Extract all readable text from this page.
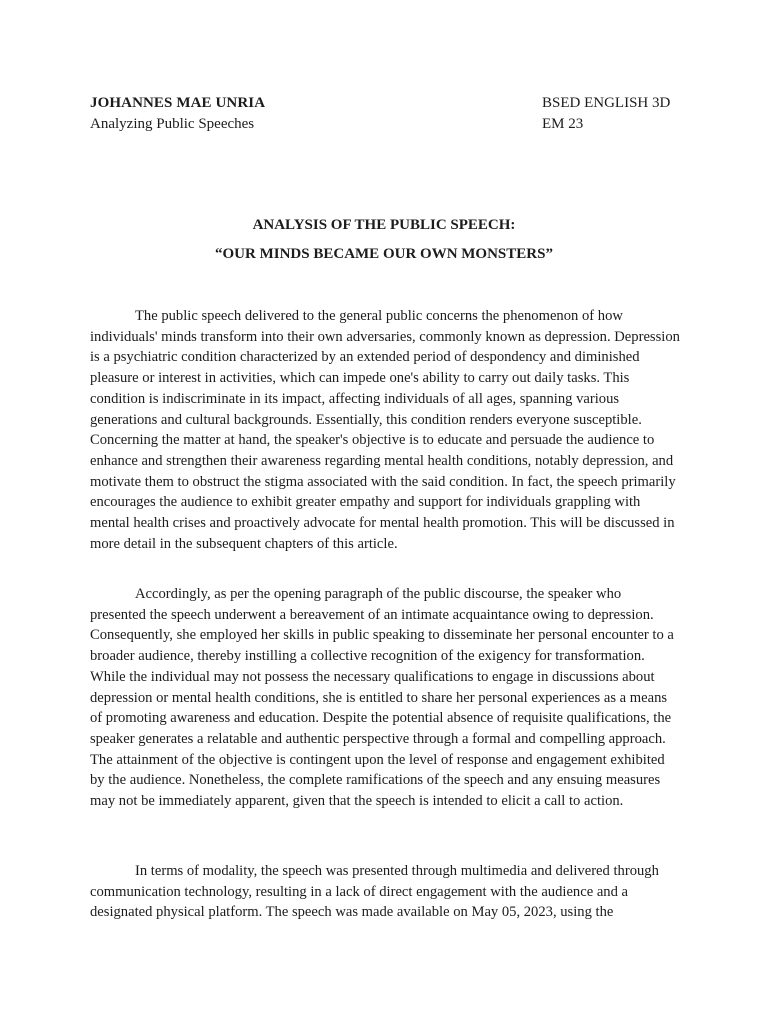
JOHANNES MAE UNRIA
Analyzing Public Speeches
BSED ENGLISH 3D
EM 23
ANALYSIS OF THE PUBLIC SPEECH:
“OUR MINDS BECAME OUR OWN MONSTERS”

The public speech delivered to the general public concerns the phenomenon of how individuals' minds transform into their own adversaries, commonly known as depression. Depression is a psychiatric condition characterized by an extended period of despondency and diminished pleasure or interest in activities, which can impede one's ability to carry out daily tasks. This condition is indiscriminate in its impact, affecting individuals of all ages, spanning various generations and cultural backgrounds. Essentially, this condition renders everyone susceptible. Concerning the matter at hand, the speaker's objective is to educate and persuade the audience to enhance and strengthen their awareness regarding mental health conditions, notably depression, and motivate them to obstruct the stigma associated with the said condition. In fact, the speech primarily encourages the audience to exhibit greater empathy and support for individuals grappling with mental health crises and proactively advocate for mental health promotion. This will be discussed in more detail in the subsequent chapters of this article.

Accordingly, as per the opening paragraph of the public discourse, the speaker who presented the speech underwent a bereavement of an intimate acquaintance owing to depression. Consequently, she employed her skills in public speaking to disseminate her personal encounter to a broader audience, thereby instilling a collective recognition of the exigency for transformation. While the individual may not possess the necessary qualifications to engage in discussions about depression or mental health conditions, she is entitled to share her personal experiences as a means of promoting awareness and education. Despite the potential absence of requisite qualifications, the speaker generates a relatable and authentic perspective through a formal and compelling approach. The attainment of the objective is contingent upon the level of response and engagement exhibited by the audience. Nonetheless, the complete ramifications of the speech and any ensuing measures may not be immediately apparent, given that the speech is intended to elicit a call to action.

In terms of modality, the speech was presented through multimedia and delivered through communication technology, resulting in a lack of direct engagement with the audience and a designated physical platform. The speech was made available on May 05, 2023, using the
